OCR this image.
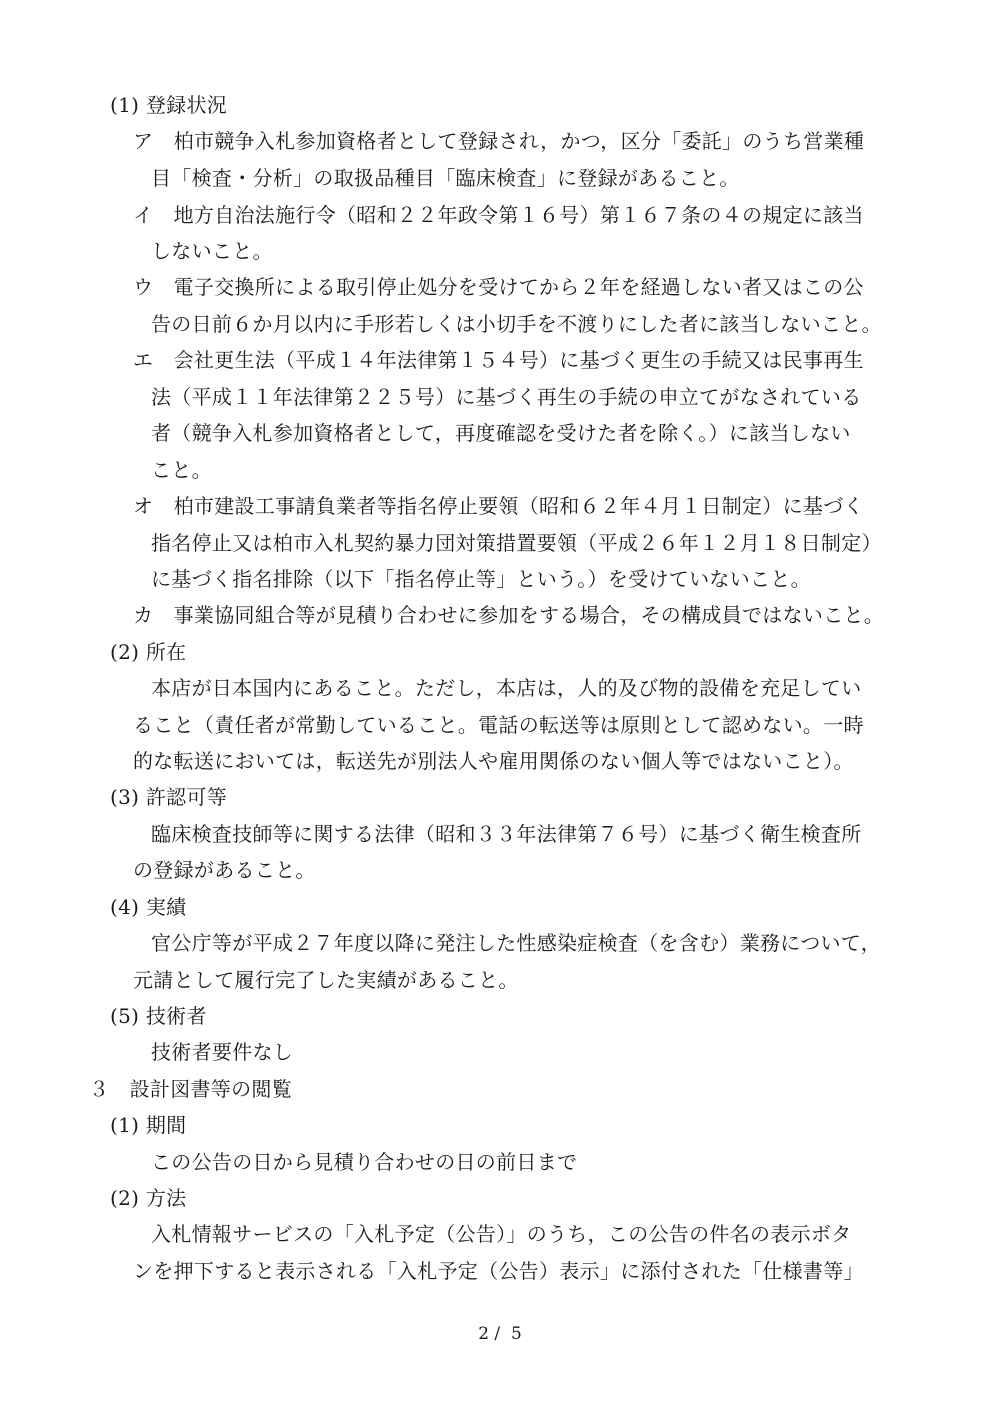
(1) 登録状況
ア　柏市競争入札参加資格者として登録され，かつ，区分「委託」のうち営業種
目「検査・分析」の取扱品種目「臨床検査」に登録があること。
イ　地方自治法施行令（昭和２２年政令第１６号）第１６７条の４の規定に該当
しないこと。
ウ　電子交換所による取引停止処分を受けてから２年を経過しない者又はこの公
告の日前６か月以内に手形若しくは小切手を不渡りにした者に該当しないこと。
エ　会社更生法（平成１４年法律第１５４号）に基づく更生の手続又は民事再生
法（平成１１年法律第２２５号）に基づく再生の手続の申立てがなされている
者（競争入札参加資格者として，再度確認を受けた者を除く。）に該当しない
こと。
オ　柏市建設工事請負業者等指名停止要領（昭和６２年４月１日制定）に基づく
指名停止又は柏市入札契約暴力団対策措置要領（平成２６年１２月１８日制定）
に基づく指名排除（以下「指名停止等」という。）を受けていないこと。
カ　事業協同組合等が見積り合わせに参加をする場合，その構成員ではないこと。
(2) 所在
本店が日本国内にあること。ただし，本店は，人的及び物的設備を充足してい
ること（責任者が常勤していること。電話の転送等は原則として認めない。一時
的な転送においては，転送先が別法人や雇用関係のない個人等ではないこと）。
(3) 許認可等
臨床検査技師等に関する法律（昭和３３年法律第７６号）に基づく衛生検査所
の登録があること。
(4) 実績
官公庁等が平成２７年度以降に発注した性感染症検査（を含む）業務について，
元請として履行完了した実績があること。
(5) 技術者
技術者要件なし
３　設計図書等の閲覧
(1) 期間
この公告の日から見積り合わせの日の前日まで
(2) 方法
入札情報サービスの「入札予定（公告）」のうち，この公告の件名の表示ボタ
ンを押下すると表示される「入札予定（公告）表示」に添付された「仕様書等」
2 /  5
